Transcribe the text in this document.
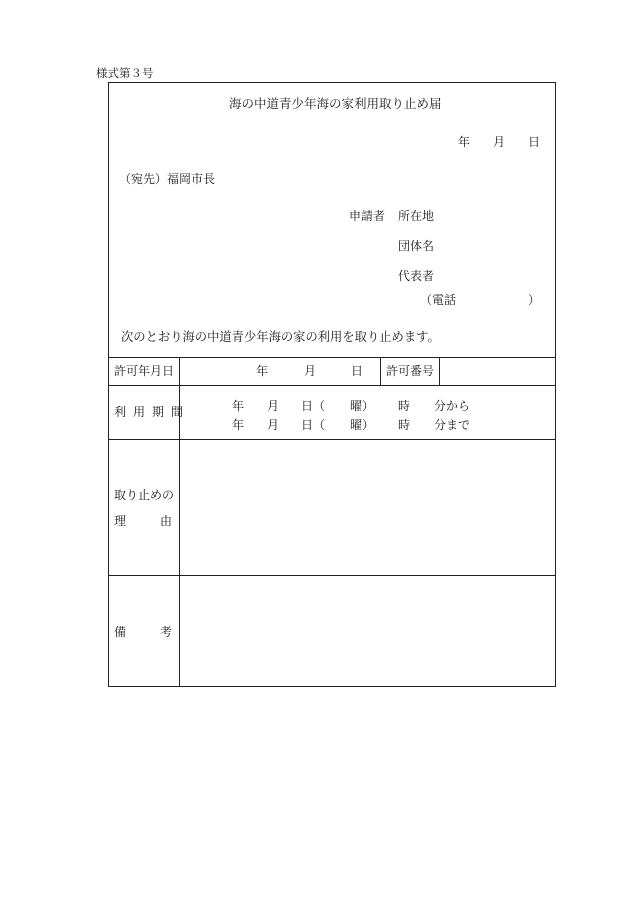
様式第３号
海の中道青少年海の家利用取り止め届
年 月 日
（宛先）福岡市長
申請者 所在地
団体名
代表者
（電話	）
次のとおり海の中道青少年海の家の利用を取り止めます。
許可年月日	年	月	日 許可番号
利用期間	年 月 日（ 曜） 時 分から
年 月 日（ 曜） 時 分まで
取り止めの
理	由
備	考
